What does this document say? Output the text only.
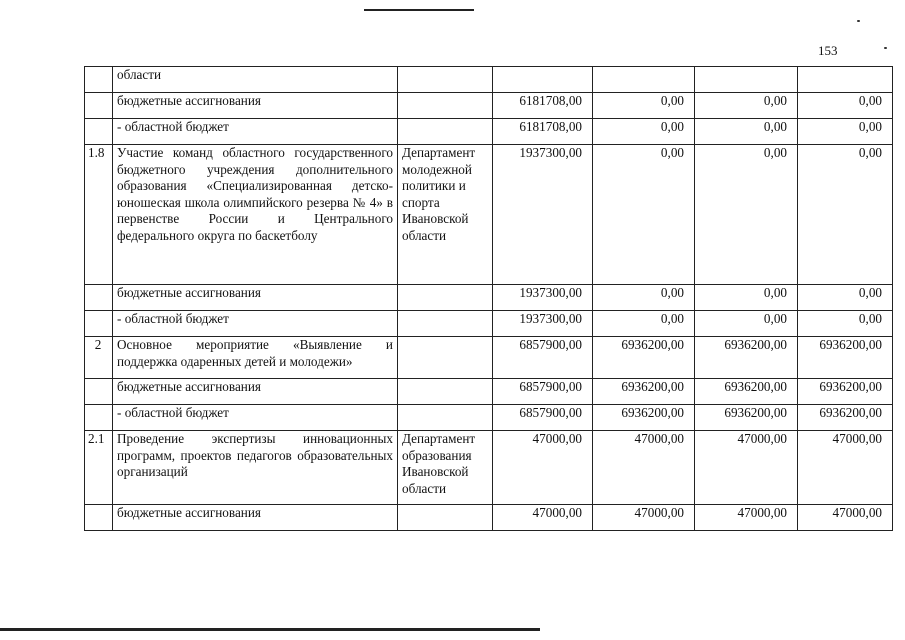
153
	области					
	бюджетные ассигнования		6181708,00	0,00	0,00	0,00
	- областной бюджет		6181708,00	0,00	0,00	0,00
1.8	Участие команд областного государственного бюджетного учреждения дополнительного образования «Специализированная детско-юношеская школа олимпийского резерва № 4» в первенстве России и Центрального федерального округа по баскетболу	Департамент молодежной политики и спорта Ивановской области	1937300,00	0,00	0,00	0,00
	бюджетные ассигнования		1937300,00	0,00	0,00	0,00
	- областной бюджет		1937300,00	0,00	0,00	0,00
2	Основное мероприятие «Выявление и поддержка одаренных детей и молодежи»		6857900,00	6936200,00	6936200,00	6936200,00
	бюджетные ассигнования		6857900,00	6936200,00	6936200,00	6936200,00
	- областной бюджет		6857900,00	6936200,00	6936200,00	6936200,00
2.1	Проведение экспертизы инновационных программ, проектов педагогов образовательных организаций	Департамент образования Ивановской области	47000,00	47000,00	47000,00	47000,00
	бюджетные ассигнования		47000,00	47000,00	47000,00	47000,00
